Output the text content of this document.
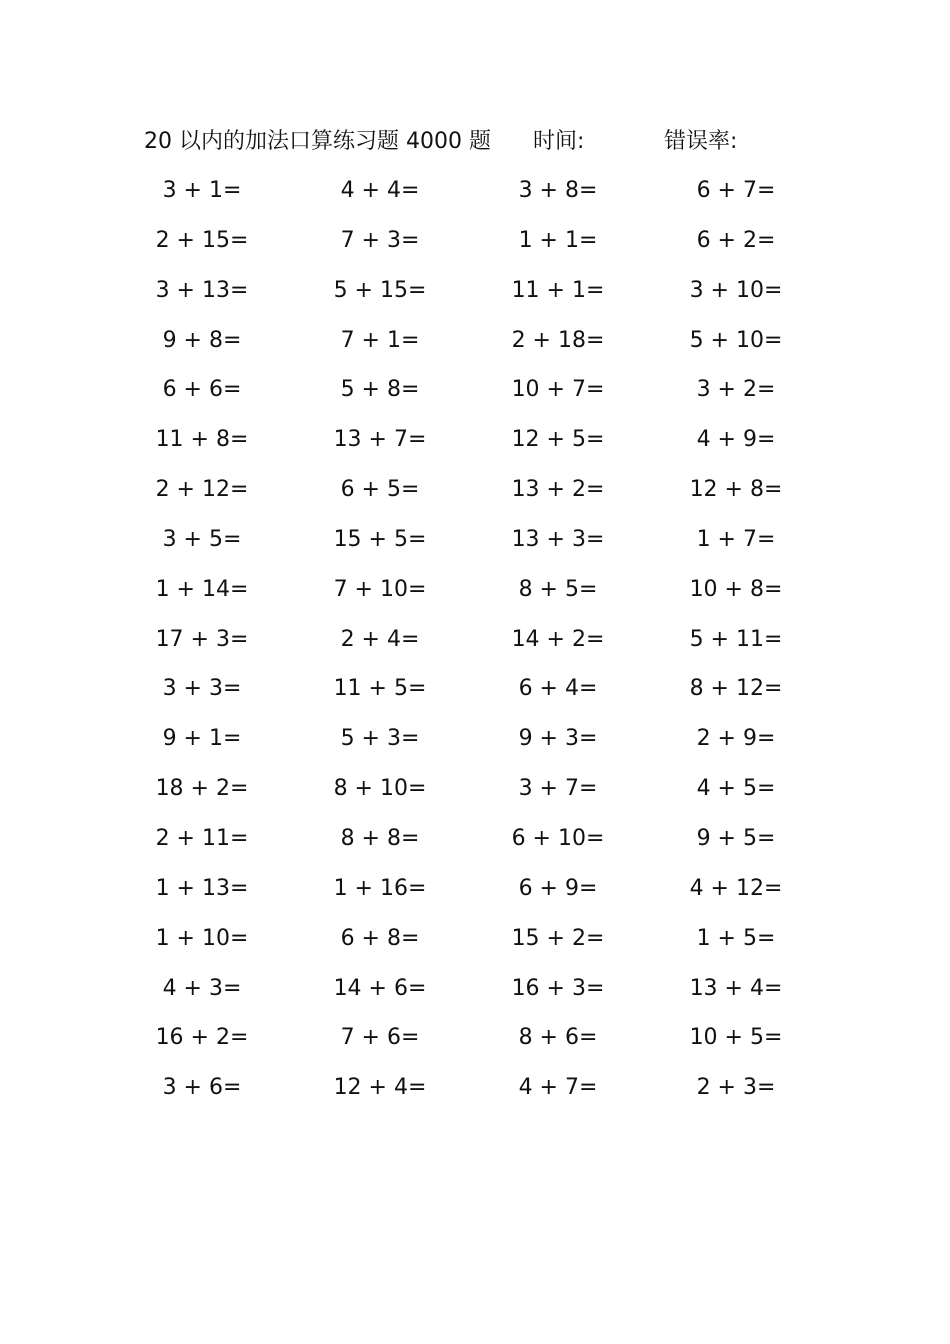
20 以内的加法口算练习题 4000 题 时间:	错误率:
3 + 1=	4 + 4=	3 + 8=	6 + 7=
2 + 15=	7 + 3=	1 + 1=	6 + 2=
3 + 13=	5 + 15=	11 + 1=	3 + 10=
9 + 8=	7 + 1=	2 + 18=	5 + 10=
6 + 6=	5 + 8=	10 + 7=	3 + 2=
11 + 8=	13 + 7=	12 + 5=	4 + 9=
2 + 12=	6 + 5=	13 + 2=	12 + 8=
3 + 5=	15 + 5=	13 + 3=	1 + 7=
1 + 14=	7 + 10=	8 + 5=	10 + 8=
17 + 3=	2 + 4=	14 + 2=	5 + 11=
3 + 3=	11 + 5=	6 + 4=	8 + 12=
9 + 1=	5 + 3=	9 + 3=	2 + 9=
18 + 2=	8 + 10=	3 + 7=	4 + 5=
2 + 11=	8 + 8=	6 + 10=	9 + 5=
1 + 13=	1 + 16=	6 + 9=	4 + 12=
1 + 10=	6 + 8=	15 + 2=	1 + 5=
4 + 3=	14 + 6=	16 + 3=	13 + 4=
16 + 2=	7 + 6=	8 + 6=	10 + 5=
3 + 6=	12 + 4=	4 + 7=	2 + 3=
